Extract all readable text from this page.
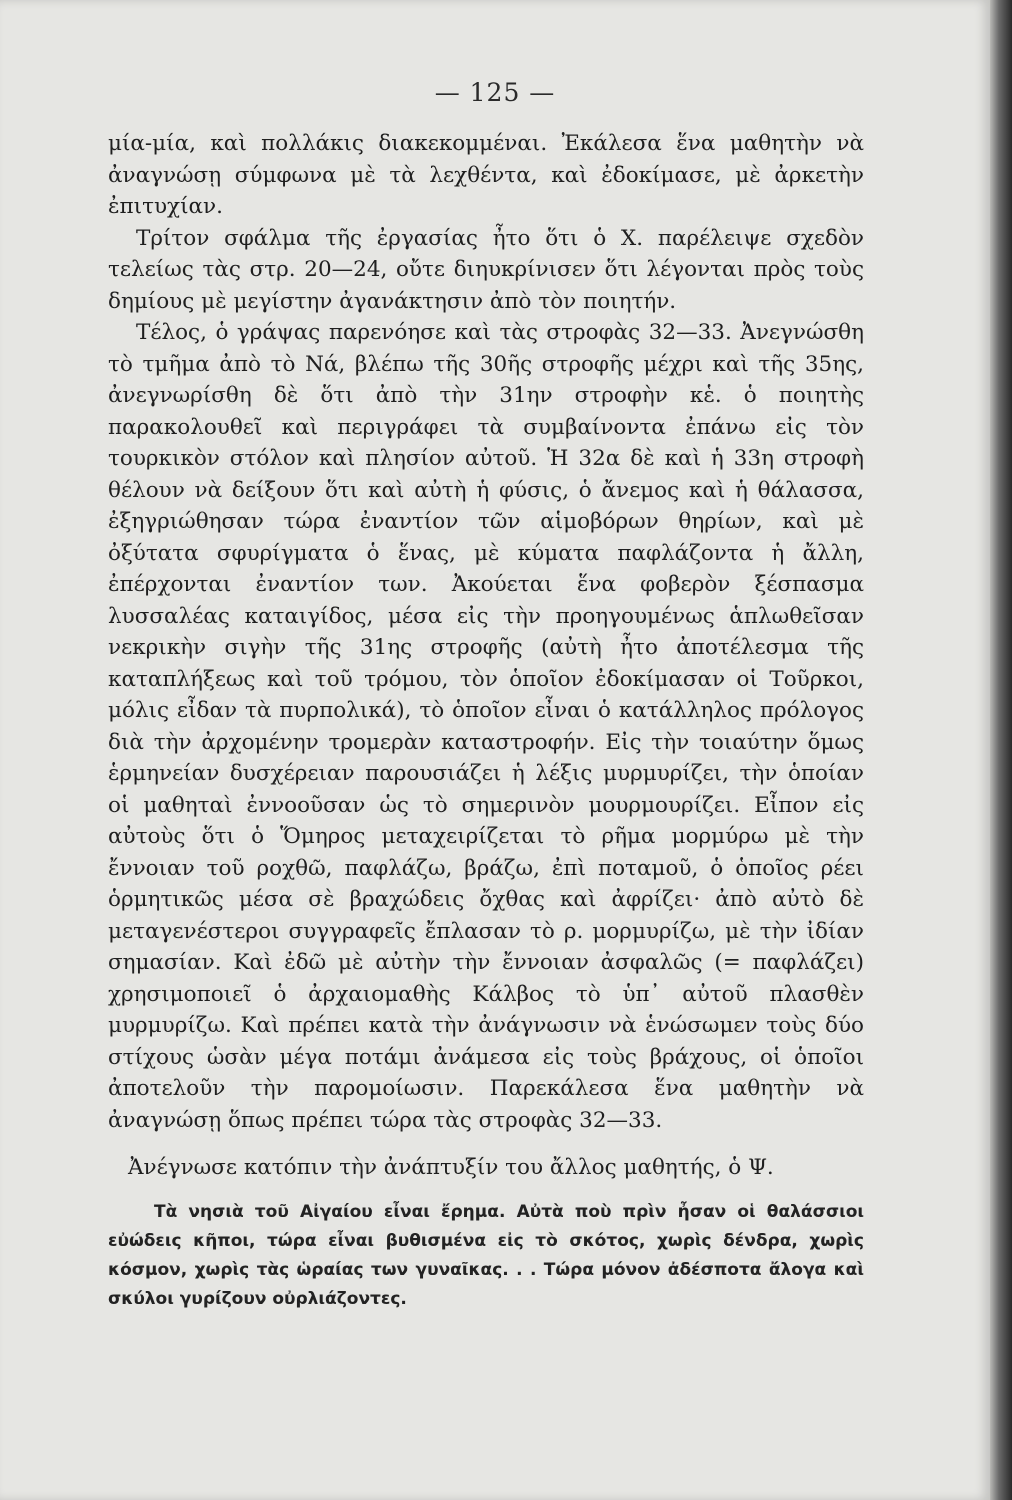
— 125 —

μία-μία, καὶ πολλάκις διακεκομμέναι. Ἐκάλεσα ἕνα μαθητὴν νὰ ἀναγνώσῃ σύμφωνα μὲ τὰ λεχθέντα, καὶ ἐδοκίμασε, μὲ ἀρκετὴν ἐπιτυχίαν.

Τρίτον σφάλμα τῆς ἐργασίας ἦτο ὅτι ὁ Χ. παρέλειψε σχεδὸν τελείως τὰς στρ. 20—24, οὔτε διηυκρίνισεν ὅτι λέγονται πρὸς τοὺς δημίους μὲ μεγίστην ἀγανάκτησιν ἀπὸ τὸν ποιητήν.

Τέλος, ὁ γράψας παρενόησε καὶ τὰς στροφὰς 32—33. Ἀνεγνώσθη τὸ τμῆμα ἀπὸ τὸ Νά, βλέπω τῆς 30ῆς στροφῆς μέχρι καὶ τῆς 35ης, ἀνεγνωρίσθη δὲ ὅτι ἀπὸ τὴν 31ην στροφὴν κἑ. ὁ ποιητὴς παρακολουθεῖ καὶ περιγράφει τὰ συμβαίνοντα ἐπάνω εἰς τὸν τουρκικὸν στόλον καὶ πλησίον αὐτοῦ. Ἡ 32α δὲ καὶ ἡ 33η στροφὴ θέλουν νὰ δείξουν ὅτι καὶ αὐτὴ ἡ φύσις, ὁ ἄνεμος καὶ ἡ θάλασσα, ἐξηγριώθησαν τώρα ἐναντίον τῶν αἱμοβόρων θηρίων, καὶ μὲ ὀξύτατα σφυρίγματα ὁ ἕνας, μὲ κύματα παφλάζοντα ἡ ἄλλη, ἐπέρχονται ἐναντίον των. Ἀκούεται ἕνα φοβερὸν ξέσπασμα λυσσαλέας καταιγίδος, μέσα εἰς τὴν προηγουμένως ἁπλωθεῖσαν νεκρικὴν σιγὴν τῆς 31ης στροφῆς (αὐτὴ ἦτο ἀποτέλεσμα τῆς καταπλήξεως καὶ τοῦ τρόμου, τὸν ὁποῖον ἐδοκίμασαν οἱ Τοῦρκοι, μόλις εἶδαν τὰ πυρπολικά), τὸ ὁποῖον εἶναι ὁ κατάλληλος πρόλογος διὰ τὴν ἀρχομένην τρομερὰν καταστροφήν. Εἰς τὴν τοιαύτην ὅμως ἑρμηνείαν δυσχέρειαν παρουσιάζει ἡ λέξις μυρμυρίζει, τὴν ὁποίαν οἱ μαθηταὶ ἐννοοῦσαν ὡς τὸ σημερινὸν μουρμουρίζει. Εἶπον εἰς αὐτοὺς ὅτι ὁ Ὅμηρος μεταχειρίζεται τὸ ρῆμα μορμύρω μὲ τὴν ἔννοιαν τοῦ ροχθῶ, παφλάζω, βράζω, ἐπὶ ποταμοῦ, ὁ ὁποῖος ρέει ὁρμητικῶς μέσα σὲ βραχώδεις ὄχθας καὶ ἀφρίζει· ἀπὸ αὐτὸ δὲ μεταγενέστεροι συγγραφεῖς ἔπλασαν τὸ ρ. μορμυρίζω, μὲ τὴν ἰδίαν σημασίαν. Καὶ ἐδῶ μὲ αὐτὴν τὴν ἔννοιαν ἀσφαλῶς (= παφλάζει) χρησιμοποιεῖ ὁ ἀρχαιομαθὴς Κάλβος τὸ ὑπ᾿ αὐτοῦ πλασθὲν μυρμυρίζω. Καὶ πρέπει κατὰ τὴν ἀνάγνωσιν νὰ ἑνώσωμεν τοὺς δύο στίχους ὡσὰν μέγα ποτάμι ἀνάμεσα εἰς τοὺς βράχους, οἱ ὁποῖοι ἀποτελοῦν τὴν παρομοίωσιν. Παρεκάλεσα ἕνα μαθητὴν νὰ ἀναγνώσῃ ὅπως πρέπει τώρα τὰς στροφὰς 32—33.

Ἀνέγνωσε κατόπιν τὴν ἀνάπτυξίν του ἄλλος μαθητής, ὁ Ψ.

Τὰ νησιὰ τοῦ Αἰγαίου εἶναι ἔρημα. Αὐτὰ ποὺ πρὶν ἦσαν οἱ θαλάσσιοι εὐώδεις κῆποι, τώρα εἶναι βυθισμένα εἰς τὸ σκότος, χωρὶς δένδρα, χωρὶς κόσμον, χωρὶς τὰς ὡραίας των γυναῖκας. . . Τώρα μόνον ἀδέσποτα ἄλογα καὶ σκύλοι γυρίζουν οὐρλιάζοντες.
